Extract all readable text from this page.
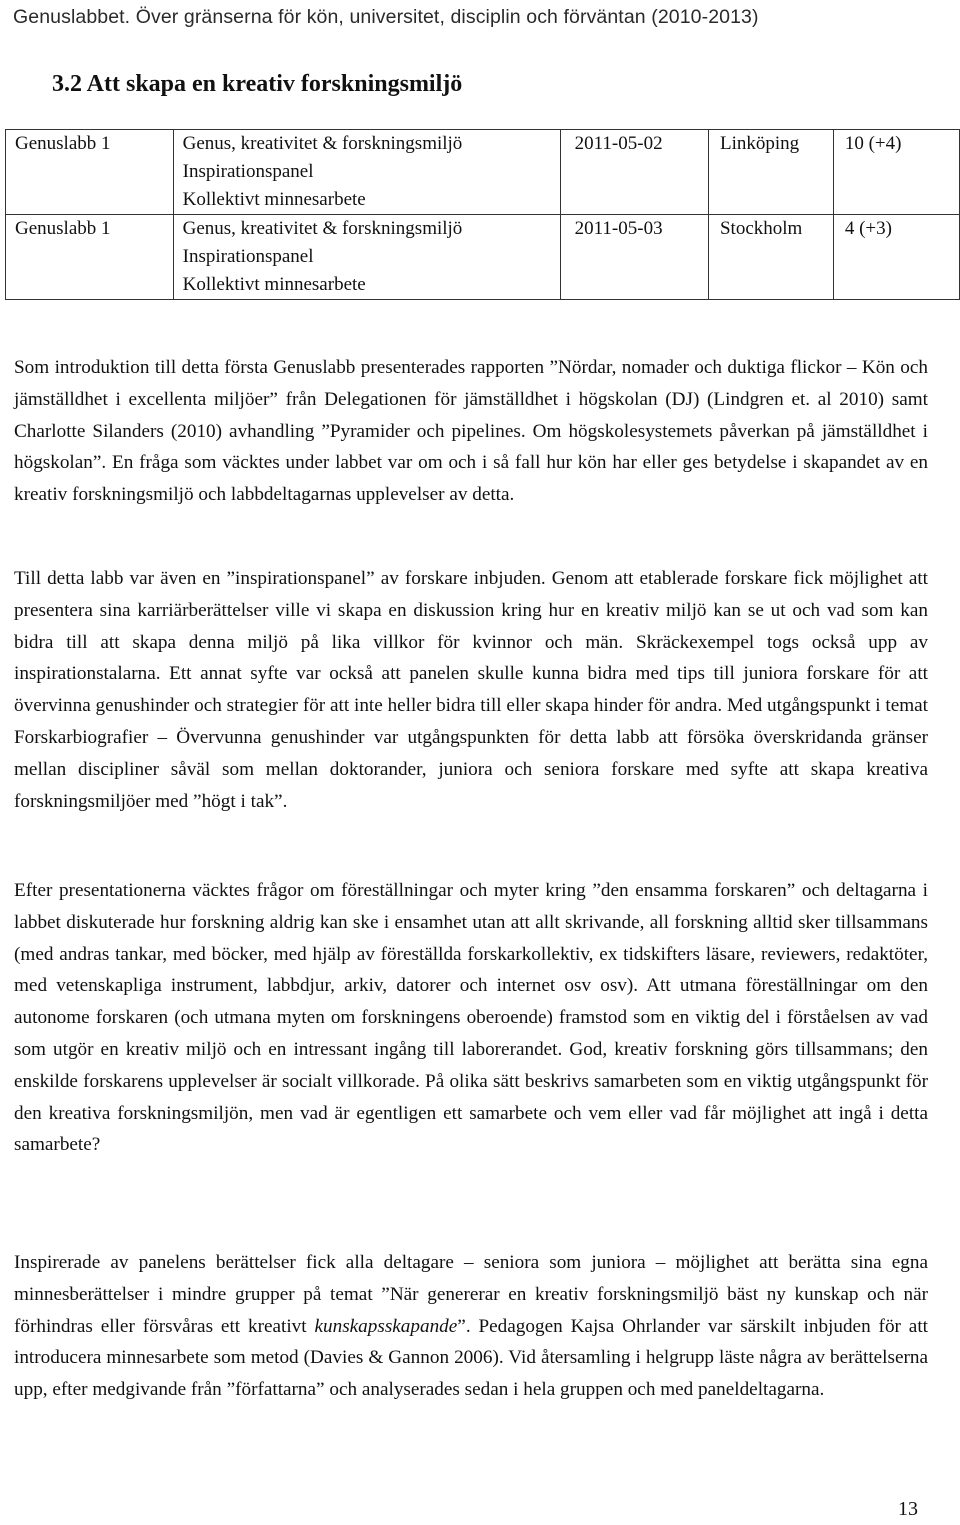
Genuslabbet. Över gränserna för kön, universitet, disciplin och förväntan (2010-2013)
3.2 Att skapa en kreativ forskningsmiljö
Genuslabb 1	Genus, kreativitet & forskningsmiljö
Inspirationspanel
Kollektivt minnesarbete	2011-05-02	Linköping	10 (+4)
Genuslabb 1	Genus, kreativitet & forskningsmiljö
Inspirationspanel
Kollektivt minnesarbete	2011-05-03	Stockholm	4 (+3)

Som introduktion till detta första Genuslabb presenterades rapporten ”Nördar, nomader och duktiga flickor – Kön och jämställdhet i excellenta miljöer” från Delegationen för jämställdhet i högskolan (DJ) (Lindgren et. al 2010) samt Charlotte Silanders (2010) avhandling ”Pyramider och pipelines. Om högskolesystemets påverkan på jämställdhet i högskolan”. En fråga som väcktes under labbet var om och i så fall hur kön har eller ges betydelse i skapandet av en kreativ forskningsmiljö och labbdeltagarnas upplevelser av detta.

Till detta labb var även en ”inspirationspanel” av forskare inbjuden. Genom att etablerade forskare fick möjlighet att presentera sina karriärberättelser ville vi skapa en diskussion kring hur en kreativ miljö kan se ut och vad som kan bidra till att skapa denna miljö på lika villkor för kvinnor och män. Skräckexempel togs också upp av inspirationstalarna. Ett annat syfte var också att panelen skulle kunna bidra med tips till juniora forskare för att övervinna genushinder och strategier för att inte heller bidra till eller skapa hinder för andra. Med utgångspunkt i temat Forskarbiografier – Övervunna genushinder var utgångspunkten för detta labb att försöka överskridanda gränser mellan discipliner såväl som mellan doktorander, juniora och seniora forskare med syfte att skapa kreativa forskningsmiljöer med ”högt i tak”.

Efter presentationerna väcktes frågor om föreställningar och myter kring ”den ensamma forskaren” och deltagarna i labbet diskuterade hur forskning aldrig kan ske i ensamhet utan att allt skrivande, all forskning alltid sker tillsammans (med andras tankar, med böcker, med hjälp av föreställda forskarkollektiv, ex tidskifters läsare, reviewers, redaktöter, med vetenskapliga instrument, labbdjur, arkiv, datorer och internet osv osv). Att utmana föreställningar om den autonome forskaren (och utmana myten om forskningens oberoende) framstod som en viktig del i förståelsen av vad som utgör en kreativ miljö och en intressant ingång till laborerandet. God, kreativ forskning görs tillsammans; den enskilde forskarens upplevelser är socialt villkorade. På olika sätt beskrivs samarbeten som en viktig utgångspunkt för den kreativa forskningsmiljön, men vad är egentligen ett samarbete och vem eller vad får möjlighet att ingå i detta samarbete?

Inspirerade av panelens berättelser fick alla deltagare – seniora som juniora – möjlighet att berätta sina egna minnesberättelser i mindre grupper på temat ”När genererar en kreativ forskningsmiljö bäst ny kunskap och när förhindras eller försvåras ett kreativt kunskapsskapande”. Pedagogen Kajsa Ohrlander var särskilt inbjuden för att introducera minnesarbete som metod (Davies & Gannon 2006). Vid återsamling i helgrupp läste några av berättelserna upp, efter medgivande från ”författarna” och analyserades sedan i hela gruppen och med paneldeltagarna.

13
